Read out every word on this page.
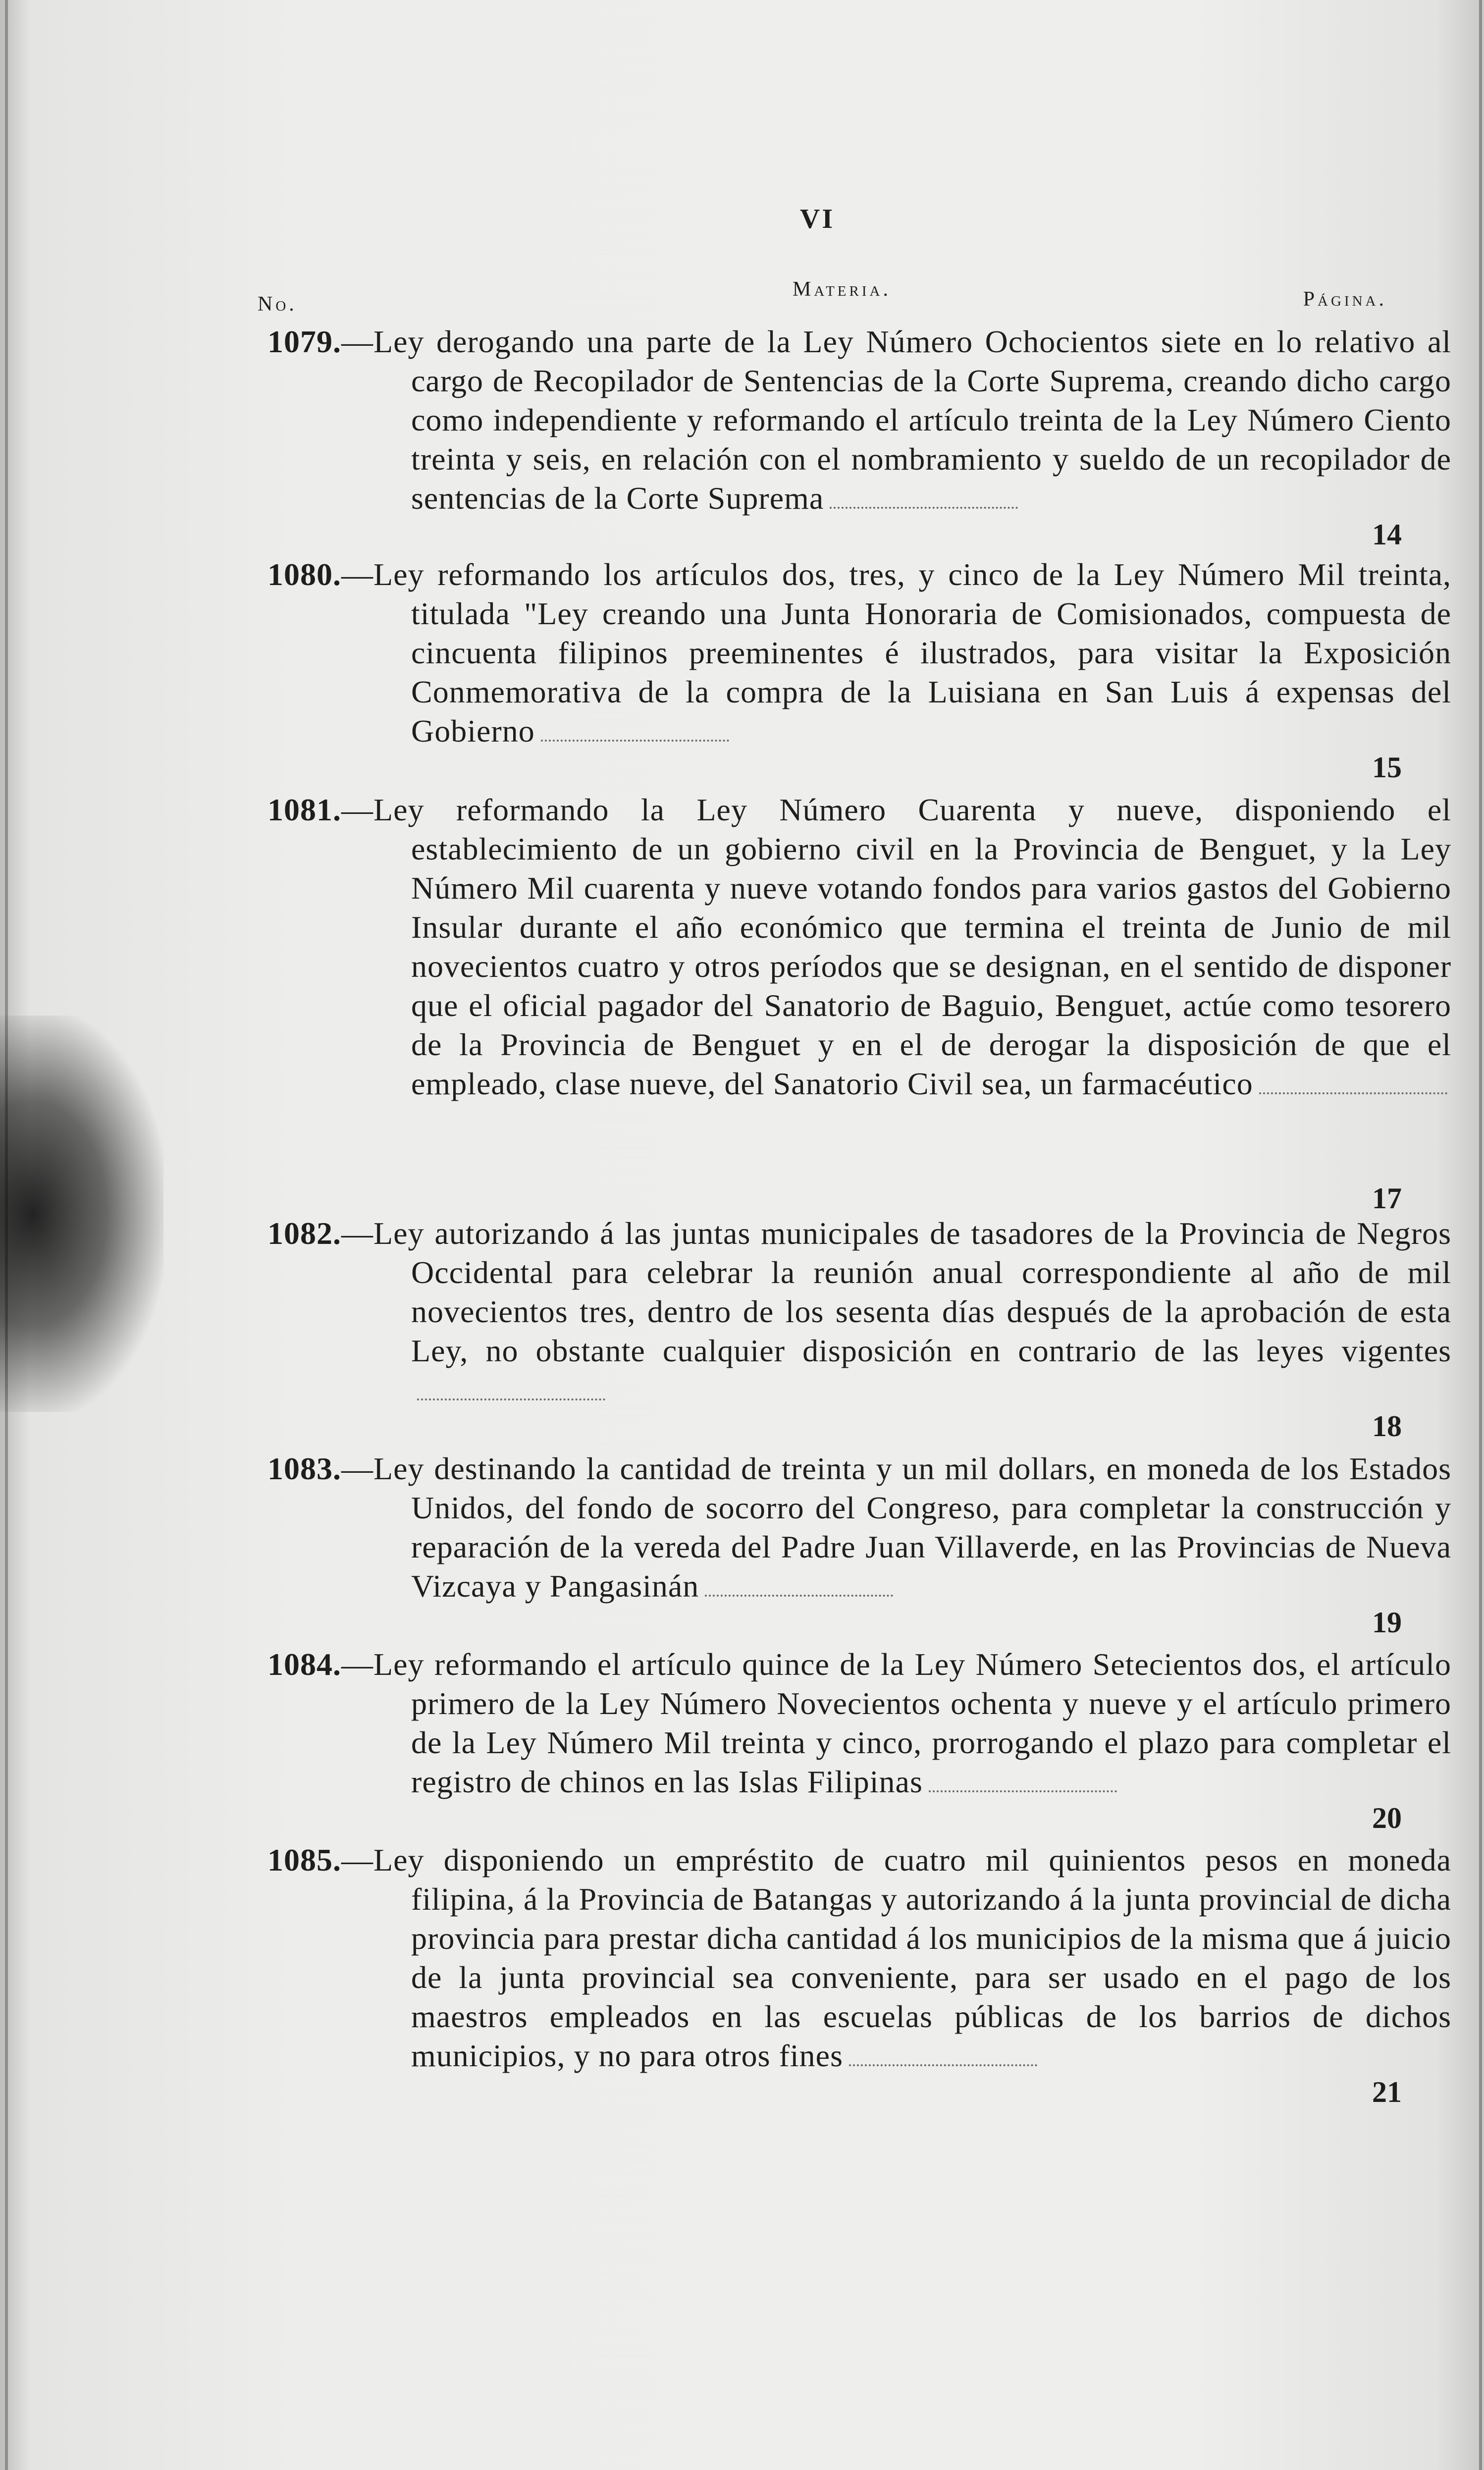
VI
No.
Materia.	Página.
1079.—Ley derogando una parte de la Ley Número Ochocientos siete en lo relativo al cargo de Recopilador de Sentencias de la Corte Suprema, creando dicho cargo como independiente y reformando el artículo treinta de la Ley Número Ciento treinta y seis, en relación con el nombramiento y sueldo de un recopilador de sentencias de la Corte Suprema
14
1080.—Ley reformando los artículos dos, tres, y cinco de la Ley Número Mil treinta, titulada "Ley creando una Junta Honoraria de Comisionados, compuesta de cincuenta filipinos preeminentes é ilustrados, para visitar la Exposición Conmemorativa de la compra de la Luisiana en San Luis á expensas del Gobierno
15
1081.—Ley reformando la Ley Número Cuarenta y nueve, disponiendo el establecimiento de un gobierno civil en la Provincia de Benguet, y la Ley Número Mil cuarenta y nueve votando fondos para varios gastos del Gobierno Insular durante el año económico que termina el treinta de Junio de mil novecientos cuatro y otros períodos que se designan, en el sentido de disponer que el oficial pagador del Sanatorio de Baguio, Benguet, actúe como tesorero de la Provincia de Benguet y en el de derogar la disposición de que el empleado, clase nueve, del Sanatorio Civil sea, un farmacéutico
17
1082.—Ley autorizando á las juntas municipales de tasadores de la Provincia de Negros Occidental para celebrar la reunión anual correspondiente al año de mil novecientos tres, dentro de los sesenta días después de la aprobación de esta Ley, no obstante cualquier disposición en contrario de las leyes vigentes
18
1083.—Ley destinando la cantidad de treinta y un mil dollars, en moneda de los Estados Unidos, del fondo de socorro del Congreso, para completar la construcción y reparación de la vereda del Padre Juan Villaverde, en las Provincias de Nueva Vizcaya y Pangasinán
19
1084.—Ley reformando el artículo quince de la Ley Número Setecientos dos, el artículo primero de la Ley Número Novecientos ochenta y nueve y el artículo primero de la Ley Número Mil treinta y cinco, prorrogando el plazo para completar el registro de chinos en las Islas Filipinas
20
1085.—Ley disponiendo un empréstito de cuatro mil quinientos pesos en moneda filipina, á la Provincia de Batangas y autorizando á la junta provincial de dicha provincia para prestar dicha cantidad á los municipios de la misma que á juicio de la junta provincial sea conveniente, para ser usado en el pago de los maestros empleados en las escuelas públicas de los barrios de dichos municipios, y no para otros fines
21
